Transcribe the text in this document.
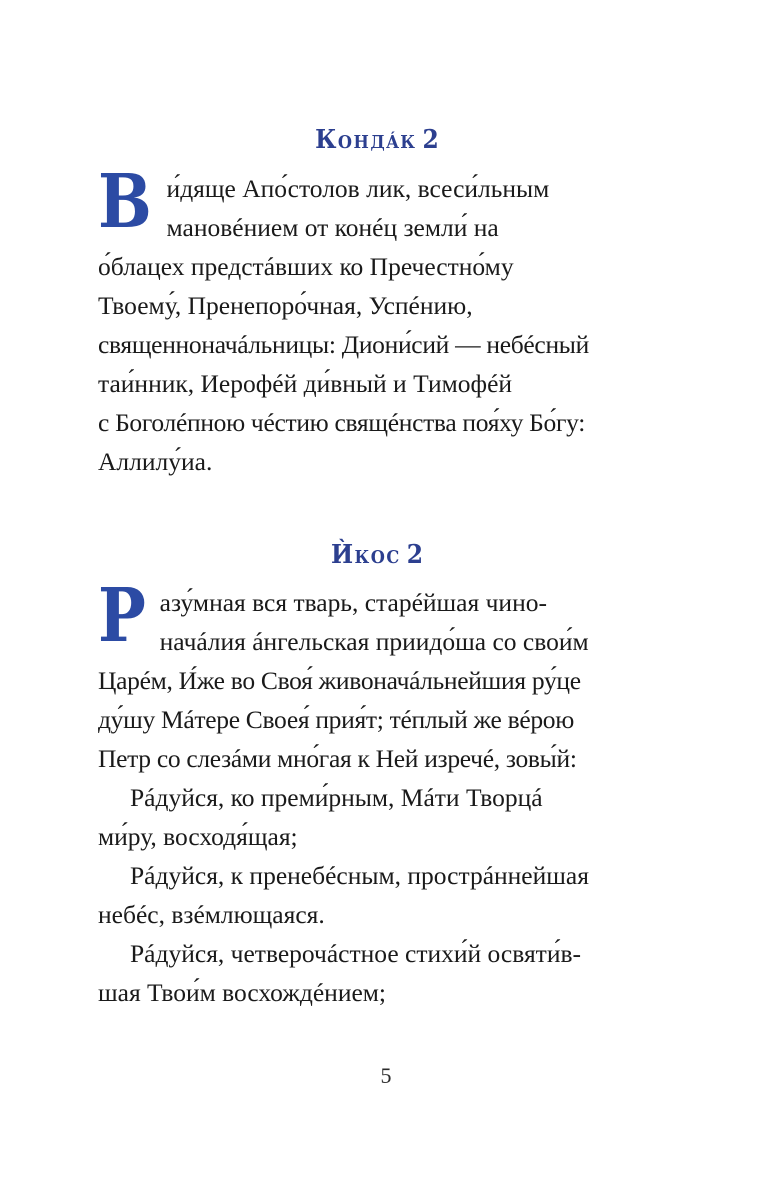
Кондáк 2
Ви́дяще Апо́столов лик, всеси́льным
мановéнием от конéц земли́ на
о́блацех предстáвших ко Пречестно́му
Твоему́, Пренепоро́чная, Успéнию,
священноначáльницы: Диони́сий — небéсный
таи́нник, Иерофéй ди́вный и Тимофéй
с Боголéпною чéстию свящéнства поя́ху Бо́гу:
Аллилу́иа.
Ѝкос 2
Разу́мная вся тварь, старéйшая чино-
начáлия áнгельская приидо́ша со свои́м
Царéм, И́же во Своя́ живоначáльнейшия ру́це
ду́шу Мáтере Своея́ прия́т; тéплый же вéрою
Петр со слезáми мно́гая к Ней изречé, зовы́й:
Рáдуйся, ко преми́рным, Мáти Творцá
ми́ру, восходя́щая;
Рáдуйся, к пренебéсным, прострáннейшая
небéс, взéмлющаяся.
Рáдуйся, четверочáстное стихи́й освяти́в-
шая Твои́м восхождéнием;
5
